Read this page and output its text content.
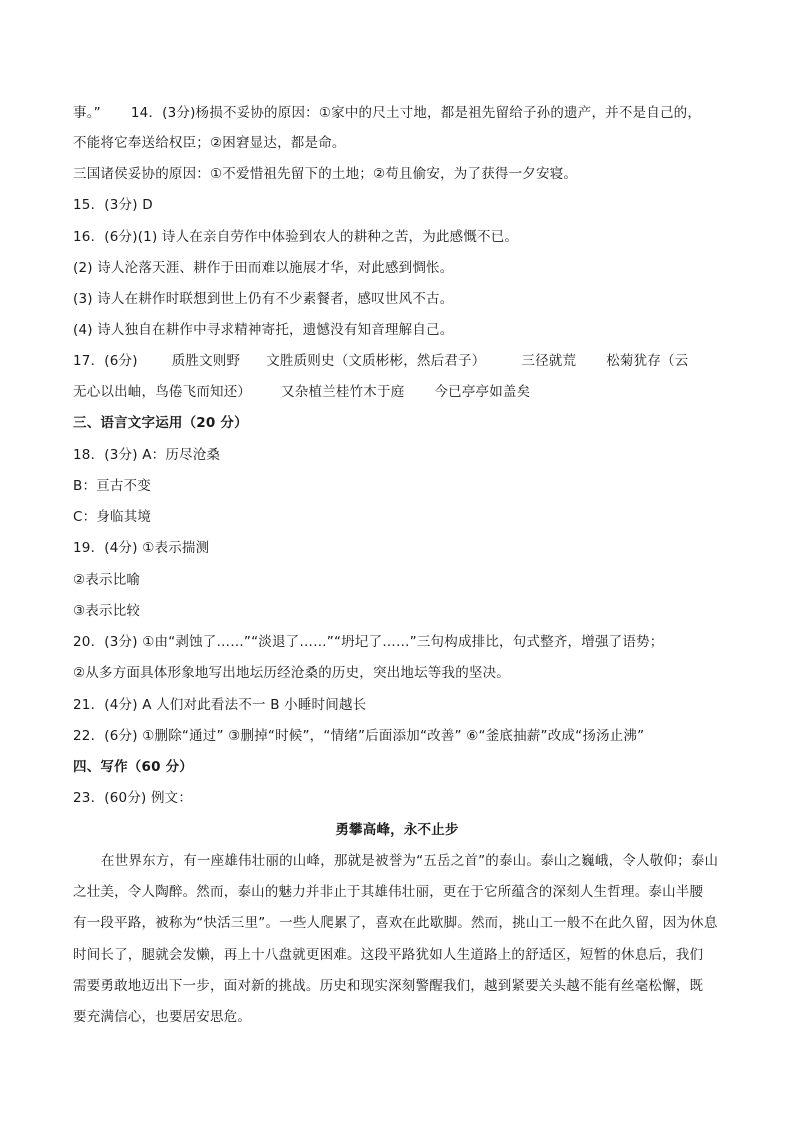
事。” 14．(3分)杨损不妥协的原因：①家中的尺土寸地，都是祖先留给子孙的遗产，并不是自己的，
不能将它奉送给权臣；②困窘显达，都是命。
三国诸侯妥协的原因：①不爱惜祖先留下的土地；②苟且偷安，为了获得一夕安寝。
15．(3分) D
16．(6分)(1) 诗人在亲自劳作中体验到农人的耕种之苦，为此感慨不已。
(2) 诗人沦落天涯、耕作于田而难以施展才华，对此感到惆怅。
(3) 诗人在耕作时联想到世上仍有不少素餐者，感叹世风不古。
(4) 诗人独自在耕作中寻求精神寄托，遗憾没有知音理解自己。
17．(6分)	质胜文则野 文胜质则史（文质彬彬，然后君子）	三径就荒 松菊犹存（云
无心以出岫，鸟倦飞而知还） 又杂植兰桂竹木于庭 今已亭亭如盖矣
三、语言文字运用（20 分）
18．(3分) A：历尽沧桑
B：亘古不变
C：身临其境
19．(4分) ①表示揣测
②表示比喻
③表示比较
20．(3分) ①由“剥蚀了……”“淡退了……”“坍圮了……”三句构成排比，句式整齐，增强了语势；
②从多方面具体形象地写出地坛历经沧桑的历史，突出地坛等我的坚决。
21．(4分) A 人们对此看法不一 B 小睡时间越长
22．(6分) ①删除“通过” ③删掉“时候”，“情绪”后面添加“改善” ⑥“釜底抽薪”改成“扬汤止沸”
四、写作（60 分）
23．(60分) 例文：
勇攀高峰，永不止步
在世界东方，有一座雄伟壮丽的山峰，那就是被誉为“五岳之首”的泰山。泰山之巍峨，令人敬仰；泰山
之壮美，令人陶醉。然而，泰山的魅力并非止于其雄伟壮丽，更在于它所蕴含的深刻人生哲理。泰山半腰
有一段平路，被称为“快活三里”。一些人爬累了，喜欢在此歇脚。然而，挑山工一般不在此久留，因为休息
时间长了，腿就会发懒，再上十八盘就更困难。这段平路犹如人生道路上的舒适区，短暂的休息后，我们
需要勇敢地迈出下一步，面对新的挑战。历史和现实深刻警醒我们，越到紧要关头越不能有丝毫松懈，既
要充满信心，也要居安思危。
